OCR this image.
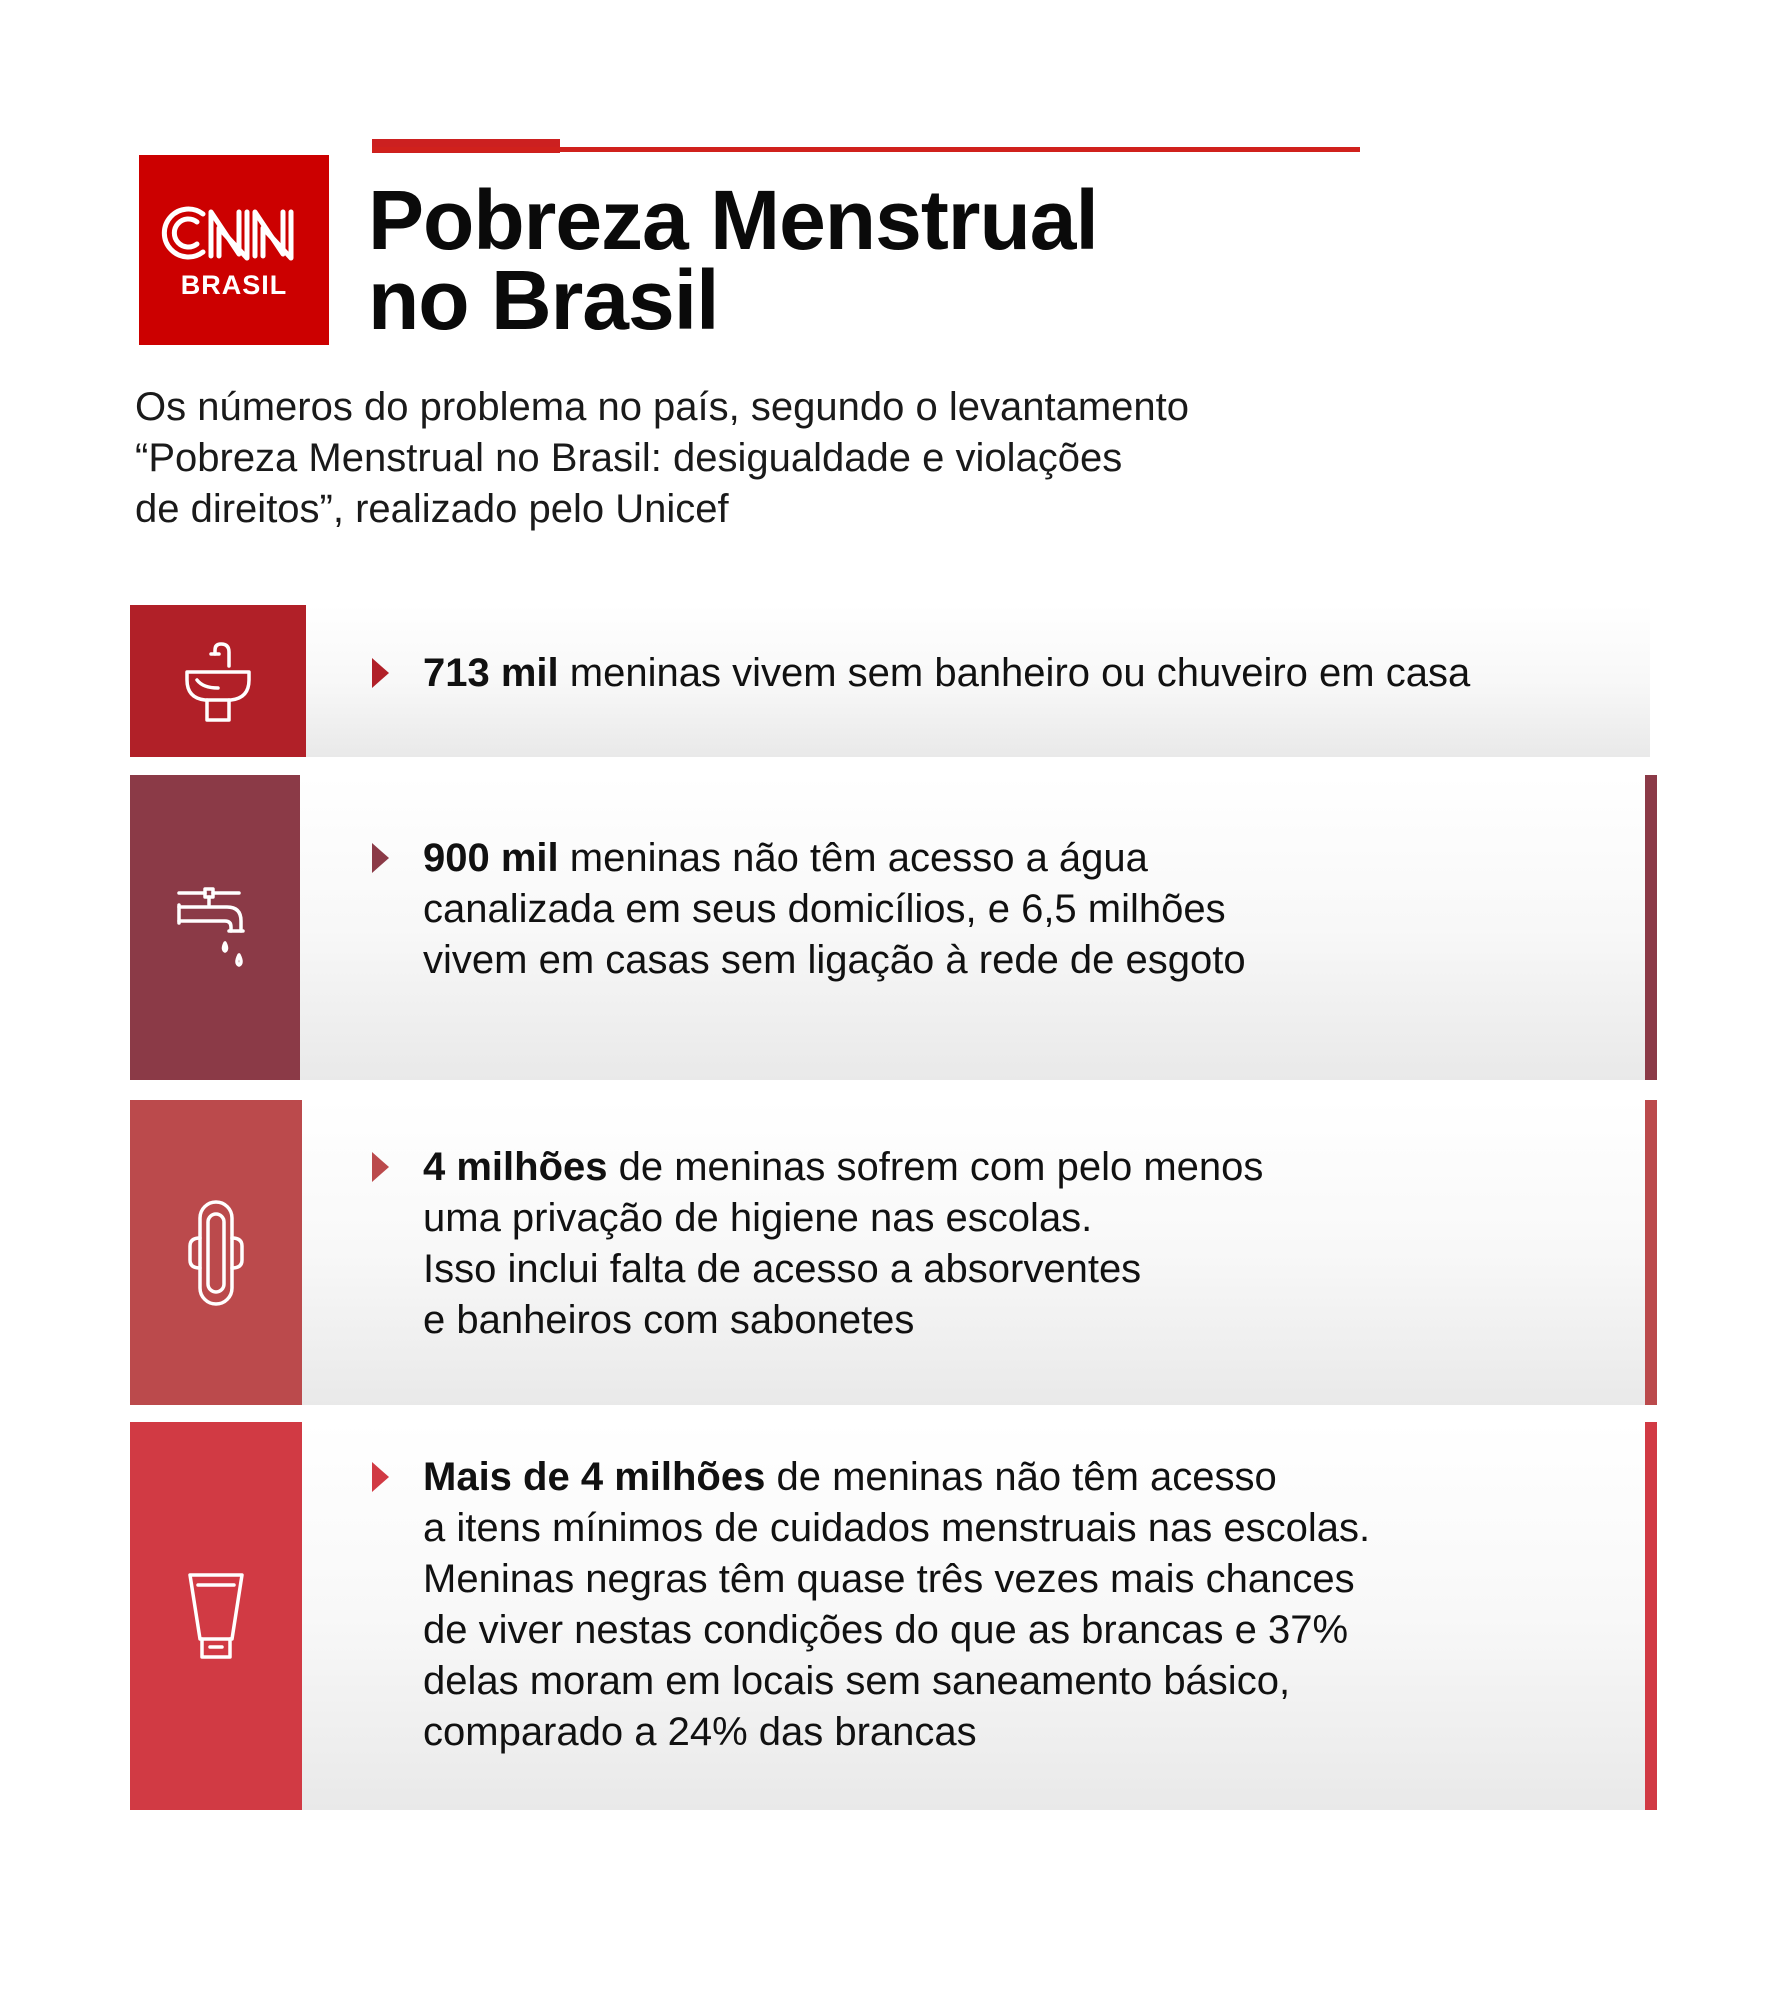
BRASIL
Pobreza Menstrual
no Brasil

Os números do problema no país, segundo o levantamento
“Pobreza Menstrual no Brasil: desigualdade e violações
de direitos”, realizado pelo Unicef

713 mil meninas vivem sem banheiro ou chuveiro em casa

900 mil meninas não têm acesso a água
canalizada em seus domicílios, e 6,5 milhões
vivem em casas sem ligação à rede de esgoto

4 milhões de meninas sofrem com pelo menos
uma privação de higiene nas escolas.
Isso inclui falta de acesso a absorventes
e banheiros com sabonetes

Mais de 4 milhões de meninas não têm acesso
a itens mínimos de cuidados menstruais nas escolas.
Meninas negras têm quase três vezes mais chances
de viver nestas condições do que as brancas e 37%
delas moram em locais sem saneamento básico,
comparado a 24% das brancas
